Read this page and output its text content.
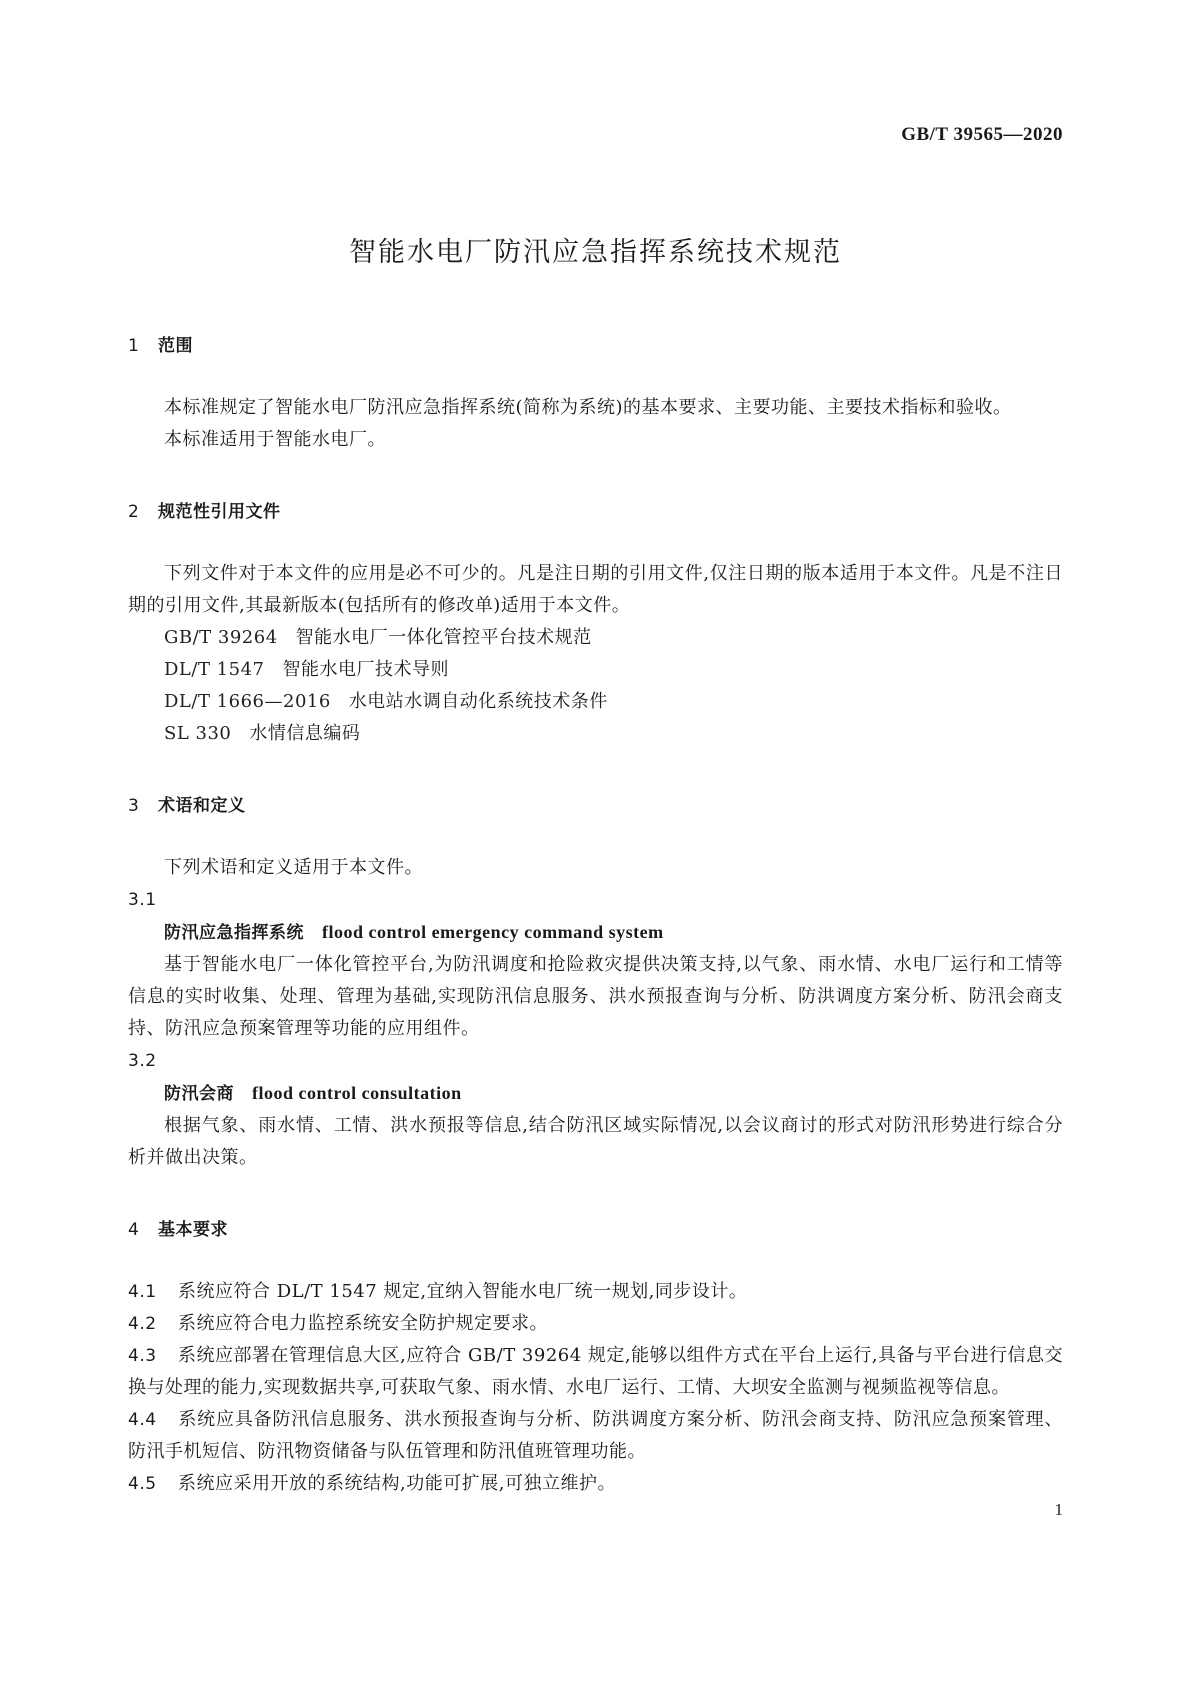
GB/T 39565—2020
智能水电厂防汛应急指挥系统技术规范
1 范围

本标准规定了智能水电厂防汛应急指挥系统(简称为系统)的基本要求、主要功能、主要技术指标和验收。

本标准适用于智能水电厂。

2 规范性引用文件

下列文件对于本文件的应用是必不可少的。凡是注日期的引用文件,仅注日期的版本适用于本文件。凡是不注日期的引用文件,其最新版本(包括所有的修改单)适用于本文件。

GB/T 39264 智能水电厂一体化管控平台技术规范
DL/T 1547 智能水电厂技术导则
DL/T 1666—2016 水电站水调自动化系统技术条件
SL 330 水情信息编码
3 术语和定义

下列术语和定义适用于本文件。

3.1
防汛应急指挥系统 flood control emergency command system

基于智能水电厂一体化管控平台,为防汛调度和抢险救灾提供决策支持,以气象、雨水情、水电厂运行和工情等信息的实时收集、处理、管理为基础,实现防汛信息服务、洪水预报查询与分析、防洪调度方案分析、防汛会商支持、防汛应急预案管理等功能的应用组件。

3.2
防汛会商 flood control consultation

根据气象、雨水情、工情、洪水预报等信息,结合防汛区域实际情况,以会议商讨的形式对防汛形势进行综合分析并做出决策。

4 基本要求
4.1 系统应符合 DL/T 1547 规定,宜纳入智能水电厂统一规划,同步设计。
4.2 系统应符合电力监控系统安全防护规定要求。
4.3 系统应部署在管理信息大区,应符合 GB/T 39264 规定,能够以组件方式在平台上运行,具备与平台进行信息交换与处理的能力,实现数据共享,可获取气象、雨水情、水电厂运行、工情、大坝安全监测与视频监视等信息。
4.4 系统应具备防汛信息服务、洪水预报查询与分析、防洪调度方案分析、防汛会商支持、防汛应急预案管理、防汛手机短信、防汛物资储备与队伍管理和防汛值班管理功能。
4.5 系统应采用开放的系统结构,功能可扩展,可独立维护。
1
